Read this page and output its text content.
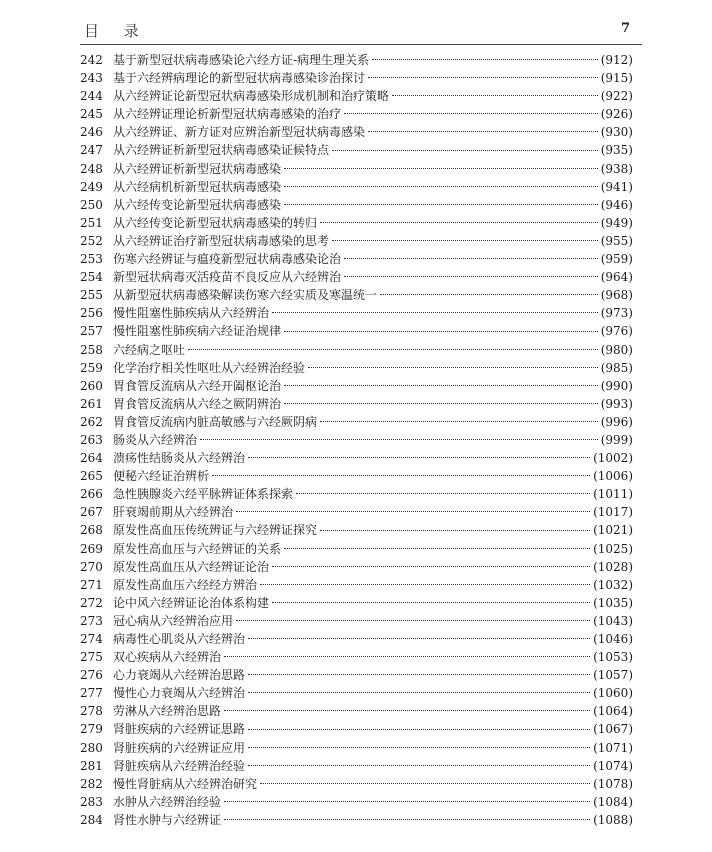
目 录	7
242 基于新型冠状病毒感染论六经方证-病理生理关系	(912)
243 基于六经辨病理论的新型冠状病毒感染诊治探讨	(915)
244 从六经辨证论新型冠状病毒感染形成机制和治疗策略	(922)
245 从六经辨证理论析新型冠状病毒感染的治疗	(926)
246 从六经辨证、新方证对应辨治新型冠状病毒感染	(930)
247 从六经辨证析新型冠状病毒感染证候特点	(935)
248 从六经辨证析新型冠状病毒感染	(938)
249 从六经病机析新型冠状病毒感染	(941)
250 从六经传变论新型冠状病毒感染	(946)
251 从六经传变论新型冠状病毒感染的转归	(949)
252 从六经辨证治疗新型冠状病毒感染的思考	(955)
253 伤寒六经辨证与瘟疫新型冠状病毒感染论治	(959)
254 新型冠状病毒灭活疫苗不良反应从六经辨治	(964)
255 从新型冠状病毒感染解读伤寒六经实质及寒温统一	(968)
256 慢性阻塞性肺疾病从六经辨治	(973)
257 慢性阻塞性肺疾病六经证治规律	(976)
258 六经病之呕吐	(980)
259 化学治疗相关性呕吐从六经辨治经验	(985)
260 胃食管反流病从六经开阖枢论治	(990)
261 胃食管反流病从六经之厥阴辨治	(993)
262 胃食管反流病内脏高敏感与六经厥阴病	(996)
263 肠炎从六经辨治	(999)
264 溃疡性结肠炎从六经辨治	(1002)
265 便秘六经证治辨析	(1006)
266 急性胰腺炎六经平脉辨证体系探索	(1011)
267 肝衰竭前期从六经辨治	(1017)
268 原发性高血压传统辨证与六经辨证探究	(1021)
269 原发性高血压与六经辨证的关系	(1025)
270 原发性高血压从六经辨证论治	(1028)
271 原发性高血压六经经方辨治	(1032)
272 论中风六经辨证论治体系构建	(1035)
273 冠心病从六经辨治应用	(1043)
274 病毒性心肌炎从六经辨治	(1046)
275 双心疾病从六经辨治	(1053)
276 心力衰竭从六经辨治思路	(1057)
277 慢性心力衰竭从六经辨治	(1060)
278 劳淋从六经辨治思路	(1064)
279 肾脏疾病的六经辨证思路	(1067)
280 肾脏疾病的六经辨证应用	(1071)
281 肾脏疾病从六经辨治经验	(1074)
282 慢性肾脏病从六经辨治研究	(1078)
283 水肿从六经辨治经验	(1084)
284 肾性水肿与六经辨证	(1088)
